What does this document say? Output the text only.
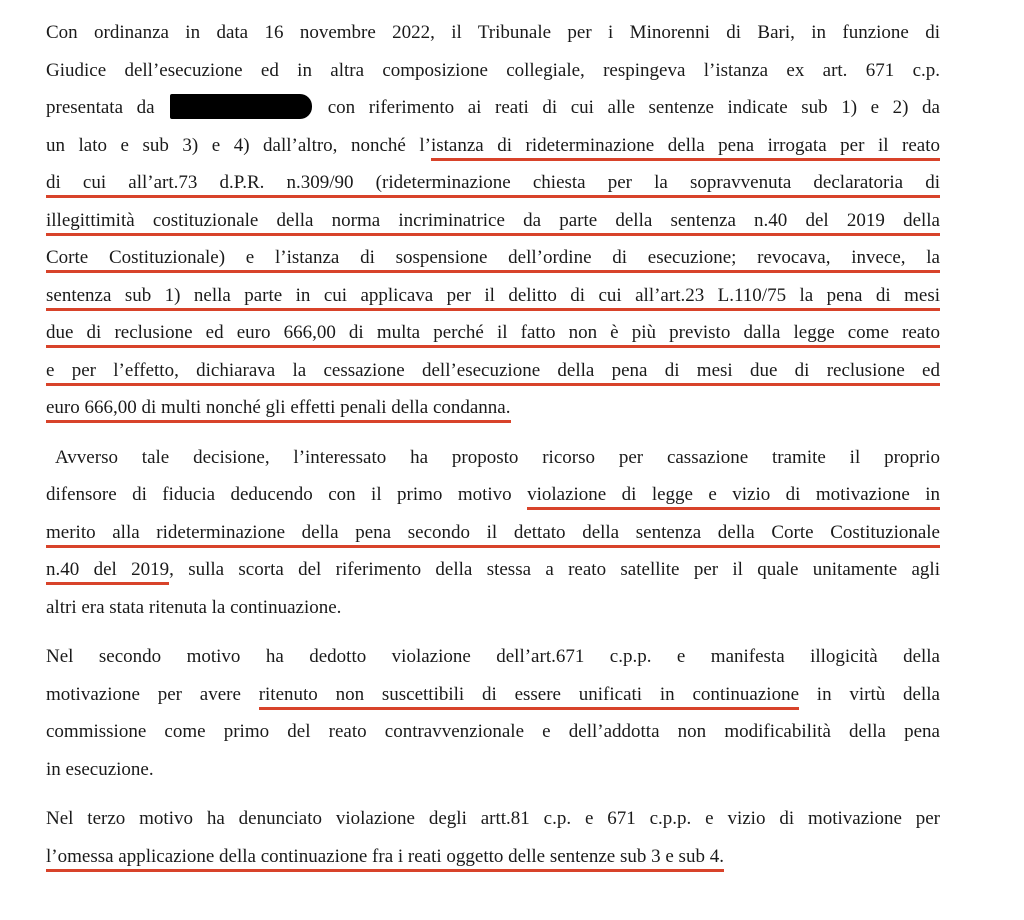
Con ordinanza in data 16 novembre 2022, il Tribunale per i Minorenni di Bari, in funzione di
Giudice dell’esecuzione ed in altra composizione collegiale, respingeva l’istanza ex art. 671 c.p.
presentata da	con riferimento ai reati di cui alle sentenze indicate sub 1) e 2) da
un lato e sub 3) e 4) dall’altro, nonché l’istanza di rideterminazione della pena irrogata per il reato
di cui all’art.73 d.P.R. n.309/90 (rideterminazione chiesta per la sopravvenuta declaratoria di
illegittimità costituzionale della norma incriminatrice da parte della sentenza n.40 del 2019 della
Corte Costituzionale) e l’istanza di sospensione dell’ordine di esecuzione; revocava, invece, la
sentenza sub 1) nella parte in cui applicava per il delitto di cui all’art.23 L.110/75 la pena di mesi
due di reclusione ed euro 666,00 di multa perché il fatto non è più previsto dalla legge come reato
e per l’effetto, dichiarava la cessazione dell’esecuzione della pena di mesi due di reclusione ed
euro 666,00 di multi nonché gli effetti penali della condanna.
Avverso tale decisione, l’interessato ha proposto ricorso per cassazione tramite il proprio
difensore di fiducia deducendo con il primo motivo violazione di legge e vizio di motivazione in
merito alla rideterminazione della pena secondo il dettato della sentenza della Corte Costituzionale
n.40 del 2019, sulla scorta del riferimento della stessa a reato satellite per il quale unitamente agli
altri era stata ritenuta la continuazione.
Nel secondo motivo ha dedotto violazione dell’art.671 c.p.p. e manifesta illogicità della
motivazione per avere ritenuto non suscettibili di essere unificati in continuazione in virtù della
commissione come primo del reato contravvenzionale e dell’addotta non modificabilità della pena
in esecuzione.
Nel terzo motivo ha denunciato violazione degli artt.81 c.p. e 671 c.p.p. e vizio di motivazione per
l’omessa applicazione della continuazione fra i reati oggetto delle sentenze sub 3 e sub 4.
